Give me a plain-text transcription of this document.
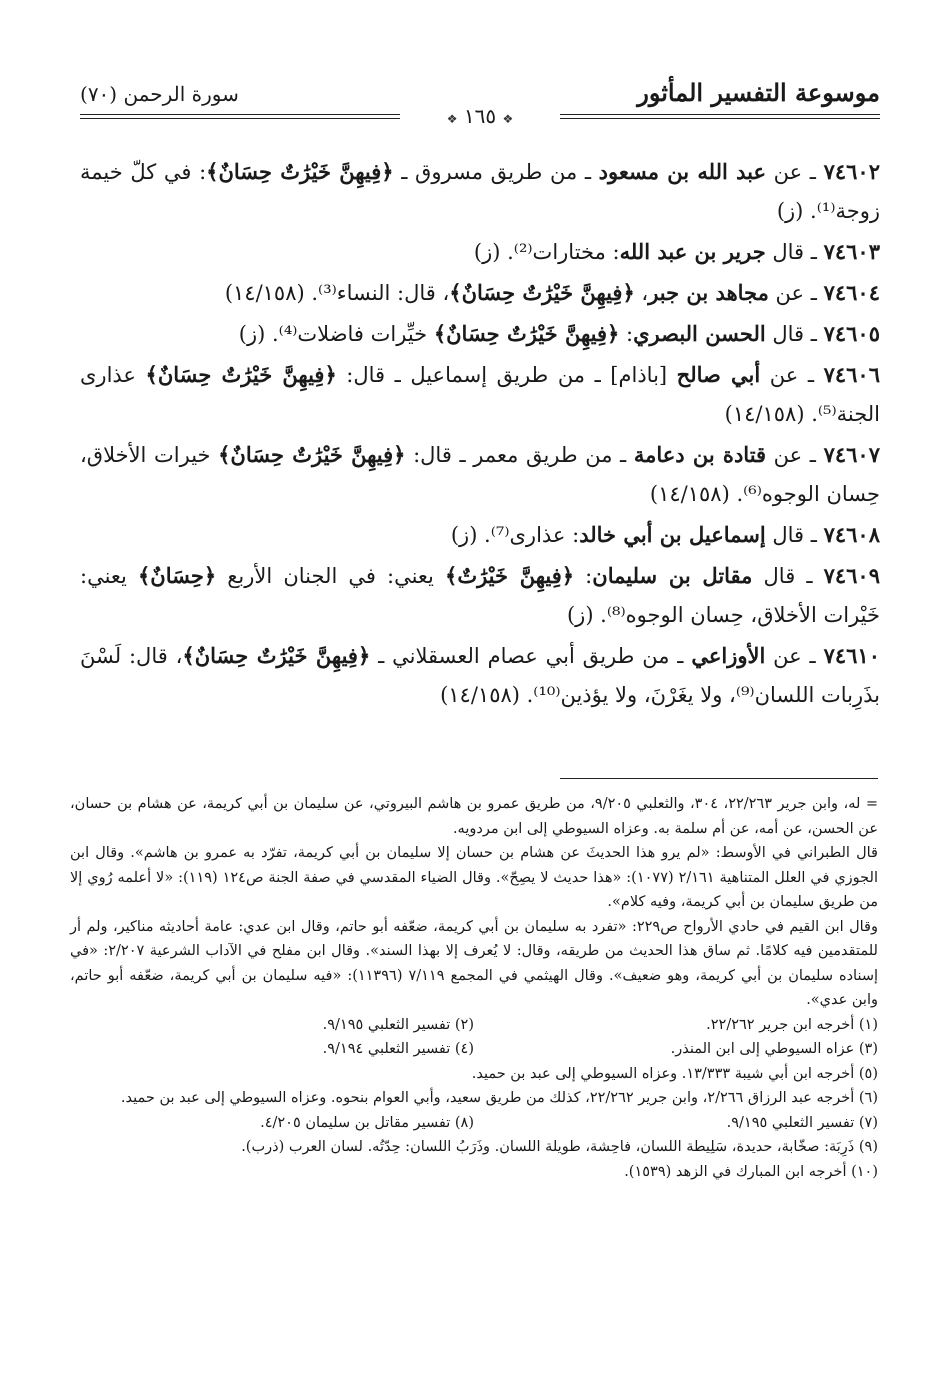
سورة الرحمن (٧٠)	موسوعة التفسير المأثور
❖ ١٦٥ ❖

٧٤٦٠٢ ـ عن عبد الله بن مسعود ـ من طريق مسروق ـ ﴿فِيهِنَّ خَيْرَٰتٌ حِسَانٌ﴾: في كلّ خيمة زوجة⁽¹⁾. (ز)

٧٤٦٠٣ ـ قال جرير بن عبد الله: مختارات⁽²⁾. (ز)

٧٤٦٠٤ ـ عن مجاهد بن جبر، ﴿فِيهِنَّ خَيْرَٰتٌ حِسَانٌ﴾، قال: النساء⁽³⁾. (١٤/١٥٨)

٧٤٦٠٥ ـ قال الحسن البصري: ﴿فِيهِنَّ خَيْرَٰتٌ حِسَانٌ﴾ خيِّرات فاضلات⁽⁴⁾. (ز)

٧٤٦٠٦ ـ عن أبي صالح [باذام] ـ من طريق إسماعيل ـ قال: ﴿فِيهِنَّ خَيْرَٰتٌ حِسَانٌ﴾ عذارى الجنة⁽⁵⁾. (١٤/١٥٨)

٧٤٦٠٧ ـ عن قتادة بن دعامة ـ من طريق معمر ـ قال: ﴿فِيهِنَّ خَيْرَٰتٌ حِسَانٌ﴾ خيرات الأخلاق، حِسان الوجوه⁽⁶⁾. (١٤/١٥٨)

٧٤٦٠٨ ـ قال إسماعيل بن أبي خالد: عذارى⁽⁷⁾. (ز)

٧٤٦٠٩ ـ قال مقاتل بن سليمان: ﴿فِيهِنَّ خَيْرَٰتٌ﴾ يعني: في الجنان الأربع ﴿حِسَانٌ﴾ يعني: خَيْرات الأخلاق، حِسان الوجوه⁽⁸⁾. (ز)

٧٤٦١٠ ـ عن الأوزاعي ـ من طريق أبي عصام العسقلاني ـ ﴿فِيهِنَّ خَيْرَٰتٌ حِسَانٌ﴾، قال: لَسْنَ بذَرِبات اللسان⁽⁹⁾، ولا يغَرْنَ، ولا يؤذين⁽¹⁰⁾. (١٤/١٥٨)

= له، وابن جرير ٢٢/٢٦٣، ٣٠٤، والثعلبي ٩/٢٠٥، من طريق عمرو بن هاشم البيروتي، عن سليمان بن أبي كريمة، عن هشام بن حسان، عن الحسن، عن أمه، عن أم سلمة به. وعزاه السيوطي إلى ابن مردويه.

قال الطبراني في الأوسط: «لم يرو هذا الحديثَ عن هشام بن حسان إلا سليمان بن أبي كريمة، تفرّد به عمرو بن هاشم». وقال ابن الجوزي في العلل المتناهية ٢/١٦١ (١٠٧٧): «هذا حديث لا يصِحّ». وقال الضياء المقدسي في صفة الجنة ص١٢٤ (١١٩): «لا أعلمه رُوي إلا من طريق سليمان بن أبي كريمة، وفيه كلام».

وقال ابن القيم في حادي الأرواح ص٢٢٩: «تفرد به سليمان بن أبي كريمة، ضعّفه أبو حاتم، وقال ابن عدي: عامة أحاديثه مناكير، ولم أر للمتقدمين فيه كلامًا. ثم ساق هذا الحديث من طريقه، وقال: لا يُعرف إلا بهذا السند». وقال ابن مفلح في الآداب الشرعية ٢/٢٠٧: «في إسناده سليمان بن أبي كريمة، وهو ضعيف». وقال الهيثمي في المجمع ٧/١١٩ (١١٣٩٦): «فيه سليمان بن أبي كريمة، ضعّفه أبو حاتم، وابن عدي».

(١) أخرجه ابن جرير ٢٢/٢٦٢.
(٢) تفسير الثعلبي ٩/١٩٥.
(٣) عزاه السيوطي إلى ابن المنذر.
(٤) تفسير الثعلبي ٩/١٩٤.

(٥) أخرجه ابن أبي شيبة ١٣/٣٣٣. وعزاه السيوطي إلى عبد بن حميد.

(٦) أخرجه عبد الرزاق ٢/٢٦٦، وابن جرير ٢٢/٢٦٢، كذلك من طريق سعيد، وأبي العوام بنحوه. وعزاه السيوطي إلى عبد بن حميد.

(٧) تفسير الثعلبي ٩/١٩٥.
(٨) تفسير مقاتل بن سليمان ٤/٢٠٥.

(٩) ذَرِبَة: صخّابة، حديدة، سَلِيطة اللسان، فاحِشة، طويلة اللسان. وذَرَبُ اللسان: حِدّتُه. لسان العرب (ذرب).

(١٠) أخرجه ابن المبارك في الزهد (١٥٣٩).
